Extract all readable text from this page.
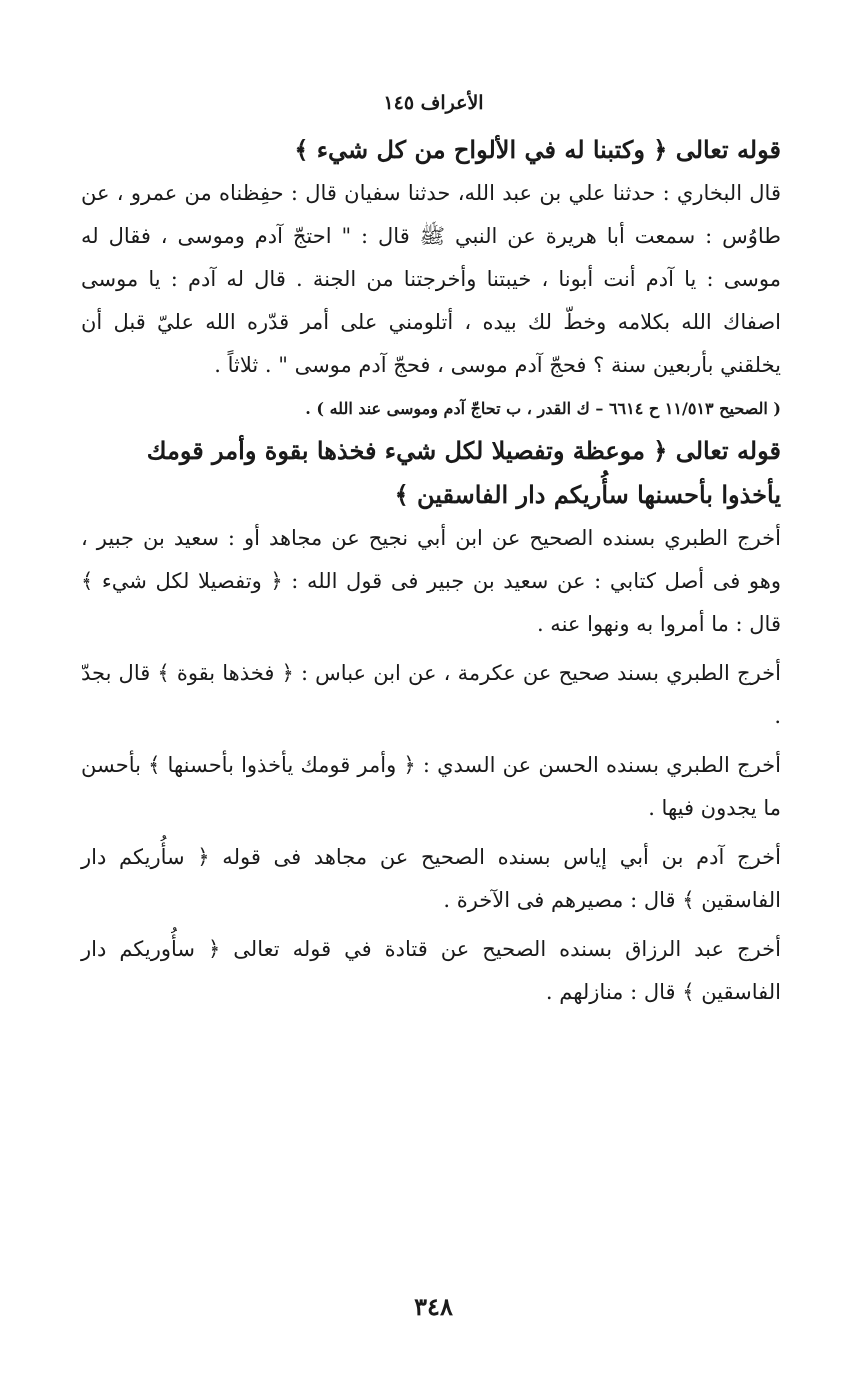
الأعراف ١٤٥

قوله تعالى ﴿ وكتبنا له في الألواح من كل شيء ﴾

قال البخاري : حدثنا علي بن عبد الله، حدثنا سفيان قال : حفِظناه من عمرو ، عن طاوُس : سمعت أبا هريرة عن النبي ﷺ قال : " احتجّ آدم وموسى ، فقال له موسى : يا آدم أنت أبونا ، خيبتنا وأخرجتنا من الجنة . قال له آدم : يا موسى اصفاك الله بكلامه وخطّ لك بيده ، أتلومني على أمر قدّره الله عليّ قبل أن يخلقني بأربعين سنة ؟ فحجّ آدم موسى ، فحجّ آدم موسى " . ثلاثاً .

( الصحيح ١١/٥١٣ ح ٦٦١٤ – ك القدر ، ب تحاجّ آدم وموسى عند الله ) .

قوله تعالى ﴿ موعظة وتفصيلا لكل شيء فخذها بقوة وأمر قومك يأخذوا بأحسنها سأُريكم دار الفاسقين ﴾

أخرج الطبري بسنده الصحيح عن ابن أبي نجيح عن مجاهد أو : سعيد بن جبير ، وهو فى أصل كتابي : عن سعيد بن جبير فى قول الله : ﴿ وتفصيلا لكل شيء ﴾ قال : ما أمروا به ونهوا عنه .

أخرج الطبري بسند صحيح عن عكرمة ، عن ابن عباس : ﴿ فخذها بقوة ﴾ قال بجدّ .

أخرج الطبري بسنده الحسن عن السدي : ﴿ وأمر قومك يأخذوا بأحسنها ﴾ بأحسن ما يجدون فيها .

أخرج آدم بن أبي إياس بسنده الصحيح عن مجاهد فى قوله ﴿ سأُريكم دار الفاسقين ﴾ قال : مصيرهم فى الآخرة .

أخرج عبد الرزاق بسنده الصحيح عن قتادة في قوله تعالى ﴿ سأُوريكم دار الفاسقين ﴾ قال : منازلهم .

٣٤٨
